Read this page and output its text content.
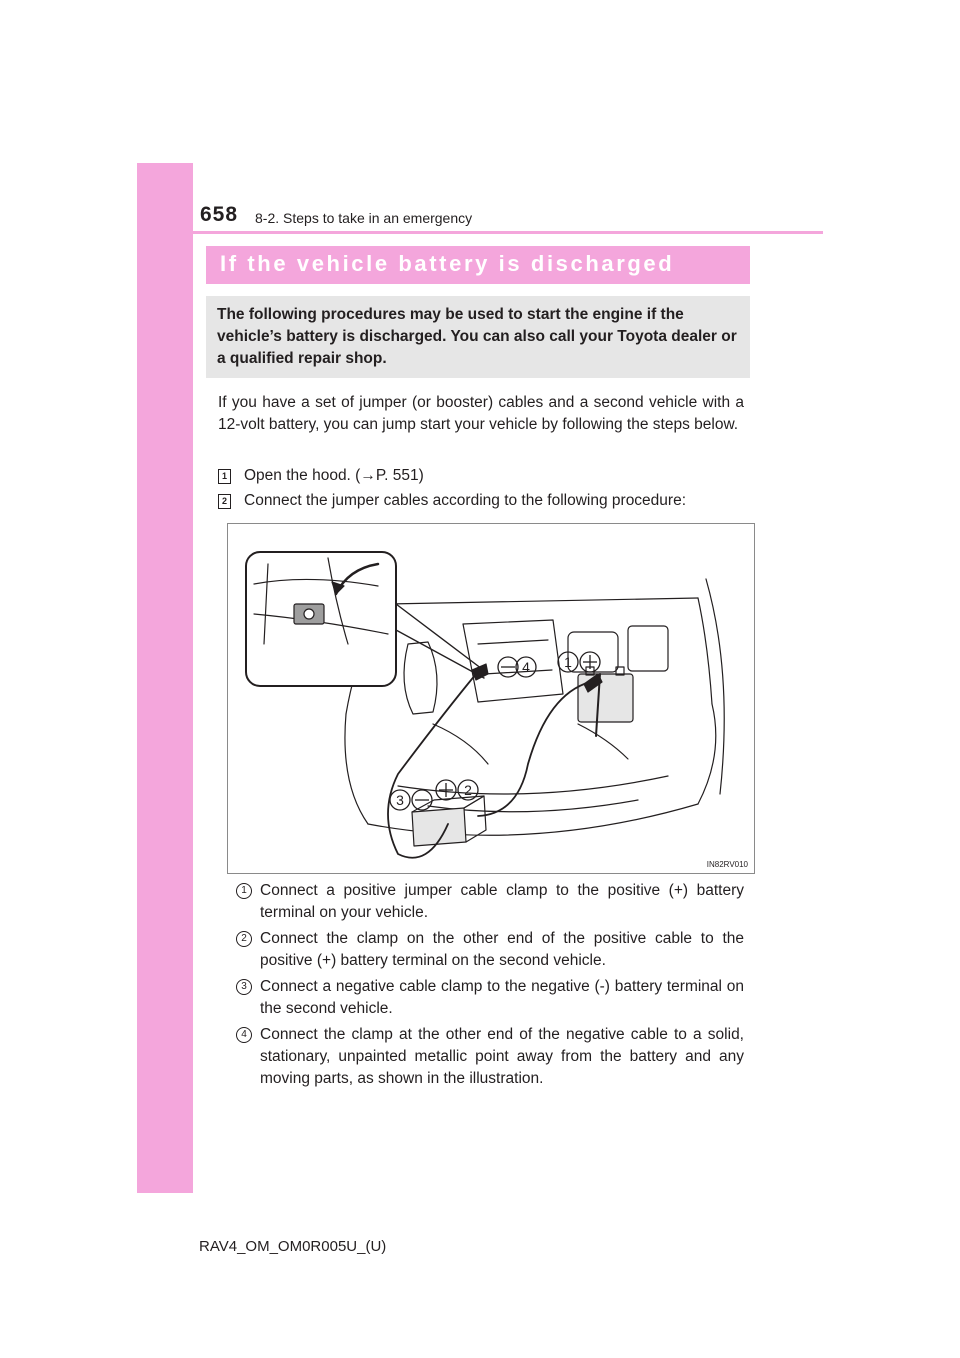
658 8-2. Steps to take in an emergency
If the vehicle battery is discharged

The following procedures may be used to start the engine if the vehicle’s battery is discharged. You can also call your Toyota dealer or a qualified repair shop.

If you have a set of jumper (or booster) cables and a second vehicle with a 12-volt battery, you can jump start your vehicle by following the steps below.

1 Open the hood. (→P. 551)
2 Connect the jumper cables according to the following procedure:
4 1
3
2
IN82RV010
1 Connect a positive jumper cable clamp to the positive (+) battery terminal on your vehicle.

2 Connect the clamp on the other end of the positive cable to the positive (+) battery terminal on the second vehicle.

3 Connect a negative cable clamp to the negative (-) battery terminal on the second vehicle.

4 Connect the clamp at the other end of the negative cable to a solid, stationary, unpainted metallic point away from the battery and any moving parts, as shown in the illustration.

RAV4_OM_OM0R005U_(U)
